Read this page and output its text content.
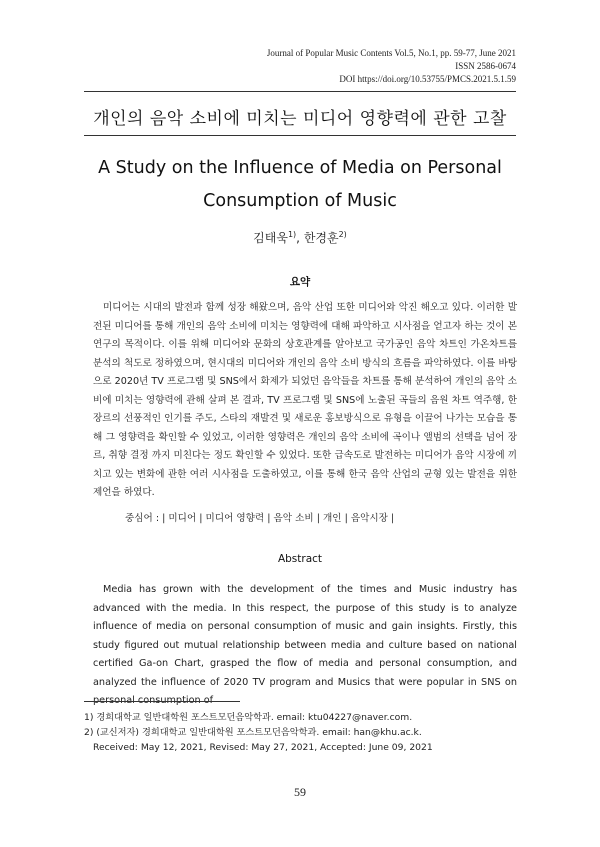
Journal of Popular Music Contents Vol.5, No.1, pp. 59-77, June 2021
ISSN 2586-0674
DOI https://doi.org/10.53755/PMCS.2021.5.1.59
개인의 음악 소비에 미치는 미디어 영향력에 관한 고찰
A Study on the Influence of Media on Personal
Consumption of Music
김태욱$^{1)}$, 한경훈$^{2)}$
요약

미디어는 시대의 발전과 함께 성장 해왔으며, 음악 산업 또한 미디어와 악진 해오고 있다. 이러한 발전된 미디어를 통해 개인의 음악 소비에 미치는 영향력에 대해 파악하고 시사점을 얻고자 하는 것이 본 연구의 목적이다. 이를 위해 미디어와 문화의 상호관계를 알아보고 국가공인 음악 차트인 가온차트를 분석의 척도로 정하였으며, 현시대의 미디어와 개인의 음악 소비 방식의 흐름을 파악하였다. 이를 바탕으로 2020년 TV 프로그램 및 SNS에서 화제가 되었던 음악들을 차트를 통해 분석하여 개인의 음악 소비에 미치는 영향력에 관해 살펴 본 결과, TV 프로그램 및 SNS에 노출된 곡들의 음원 차트 역주행, 한 장르의 선풍적인 인기를 주도, 스타의 재발견 및 새로운 홍보방식으로 유형을 이끌어 나가는 모습을 통해 그 영향력을 확인할 수 있었고, 이러한 영향력은 개인의 음악 소비에 곡이나 앨범의 선택을 넘어 장르, 취향 결정 까지 미친다는 정도 확인할 수 있었다. 또한 급속도로 발전하는 미디어가 음악 시장에 끼치고 있는 변화에 관한 여러 시사점을 도출하였고, 이를 통해 한국 음악 산업의 균형 있는 발전을 위한 제언을 하였다.

중심어 : | 미디어 | 미디어 영향력 | 음악 소비 | 개인 | 음악시장 |
Abstract

Media has grown with the development of the times and Music industry has advanced with the media. In this respect, the purpose of this study is to analyze influence of media on personal consumption of music and gain insights. Firstly, this study figured out mutual relationship between media and culture based on national certified Ga-on Chart, grasped the flow of media and personal consumption, and analyzed the influence of 2020 TV program and Musics that were popular in SNS on personal consumption of

1) 경희대학교 일반대학원 포스트모던음악학과. email: ktu04227@naver.com.
2) (교신저자) 경희대학교 일반대학원 포스트모던음악학과. email: han@khu.ac.k.
Received: May 12, 2021, Revised: May 27, 2021, Accepted: June 09, 2021
59
